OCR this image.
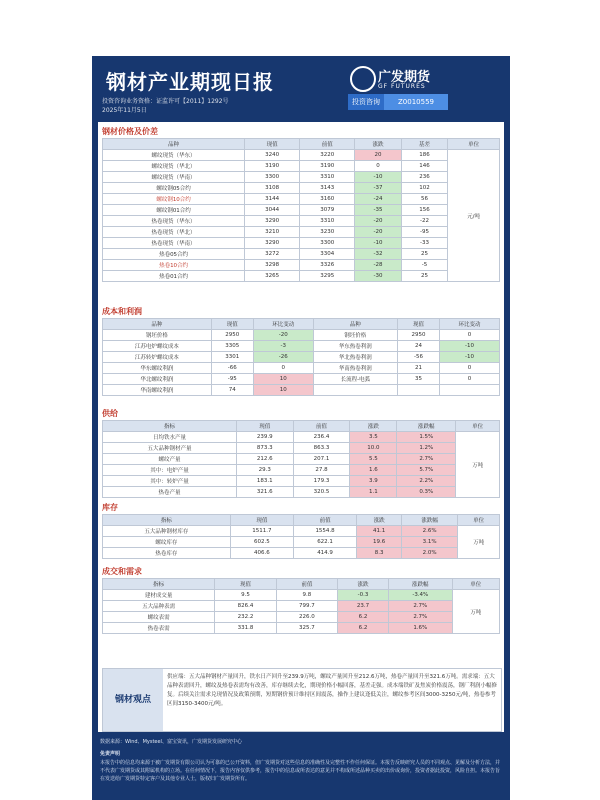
钢材产业期现日报
投资咨询业务资格：证监许可【2011】1292号
2025年11月5日
广发期货
GF FUTURES
投资咨询	Z0010559
钢材价格及价差
品种	现值	前值	涨跌	基差	单位
螺纹现货（华东）	3240	3220	20	186	元/吨
螺纹现货（华北）	3190	3190	0	146	
螺纹现货（华南）	3300	3310	-10	236	
螺纹钢05合约	3108	3143	-37	102	
螺纹钢10合约	3144	3160	-24	56	
螺纹钢01合约	3044	3079	-35	156	
热卷现货（华东）	3290	3310	-20	-22	
热卷现货（华北）	3210	3230	-20	-95	
热卷现货（华南）	3290	3300	-10	-33	
热卷05合约	3272	3304	-32	25	
热卷10合约	3298	3326	-28	-5	
热卷01合约	3265	3295	-30	25	
成本和利润
品种	现值	环比变动	品种	现值	环比变动
钢坯价格	2950	-20	钢坯价格	2950	0
江苏电炉螺纹成本	3305	-3	华东热卷利润	24	-10
江苏转炉螺纹成本	3301	-26	华北热卷利润	-56	-10
华东螺纹利润	-66	0	华南热卷利润	21	0
华北螺纹利润	-95	10	长流程-电弧	35	0
华南螺纹利润	74	10			
供给
指标	现值	前值	涨跌	涨跌幅	单位
日均铁水产量	239.9	236.4	3.5	1.5%	万吨
五大品种钢材产量	873.3	863.3	10.0	1.2%	
螺纹产量	212.6	207.1	5.5	2.7%	
其中：电炉产量	29.3	27.8	1.6	5.7%	
其中：转炉产量	183.1	179.3	3.9	2.2%	
热卷产量	321.6	320.5	1.1	0.3%	
库存
指标	现值	前值	涨跌	涨跌幅	单位
五大品种钢材库存	1511.7	1554.8	41.1	2.6%	万吨
螺纹库存	602.5	622.1	19.6	3.1%	
热卷库存	406.6	414.9	8.3	2.0%	
成交和需求
指标	现值	前值	涨跌	涨跌幅	单位
建材成交量	9.5	9.8	-0.3	-3.4%	万吨
五大品种表需	826.4	799.7	23.7	2.7%	
螺纹表需	232.2	226.0	6.2	2.7%	
热卷表需	331.8	325.7	6.2	1.6%	
钢材观点
供应端：五大品种钢材产量回升，铁水日产回升至239.9万吨，螺纹产量回升至212.6万吨，热卷产量回升至321.6万吨。需求端：五大品种表需回升，螺纹及热卷表需均有改善，库存继续去化，期现价格小幅回落，基差走强。成本端铁矿及焦炭价格震荡，钢厂利润小幅修复。后续关注需求兑现情况及政策预期，短期钢价预计维持区间震荡，操作上建议逢低关注，螺纹参考区间3000-3250元/吨，热卷参考区间3150-3400元/吨。
数据来源：Wind、Mysteel、富宝资讯，广发期货发展研究中心
免责声明
本报告中的信息均来源于被广发期货有限公司认为可靠的已公开资料，但广发期货对这些信息的准确性及完整性不作任何保证。本报告反映研究人员的不同观点、见解及分析方法，并不代表广发期货或其附属机构的立场。在任何情况下，报告内容仅供参考，报告中的信息或所表达的意见并不构成所述品种买卖的出价或询价，投资者据此投资，风险自担。本报告旨在发送给广发期货特定客户及其他专业人士，版权归广发期货所有。
